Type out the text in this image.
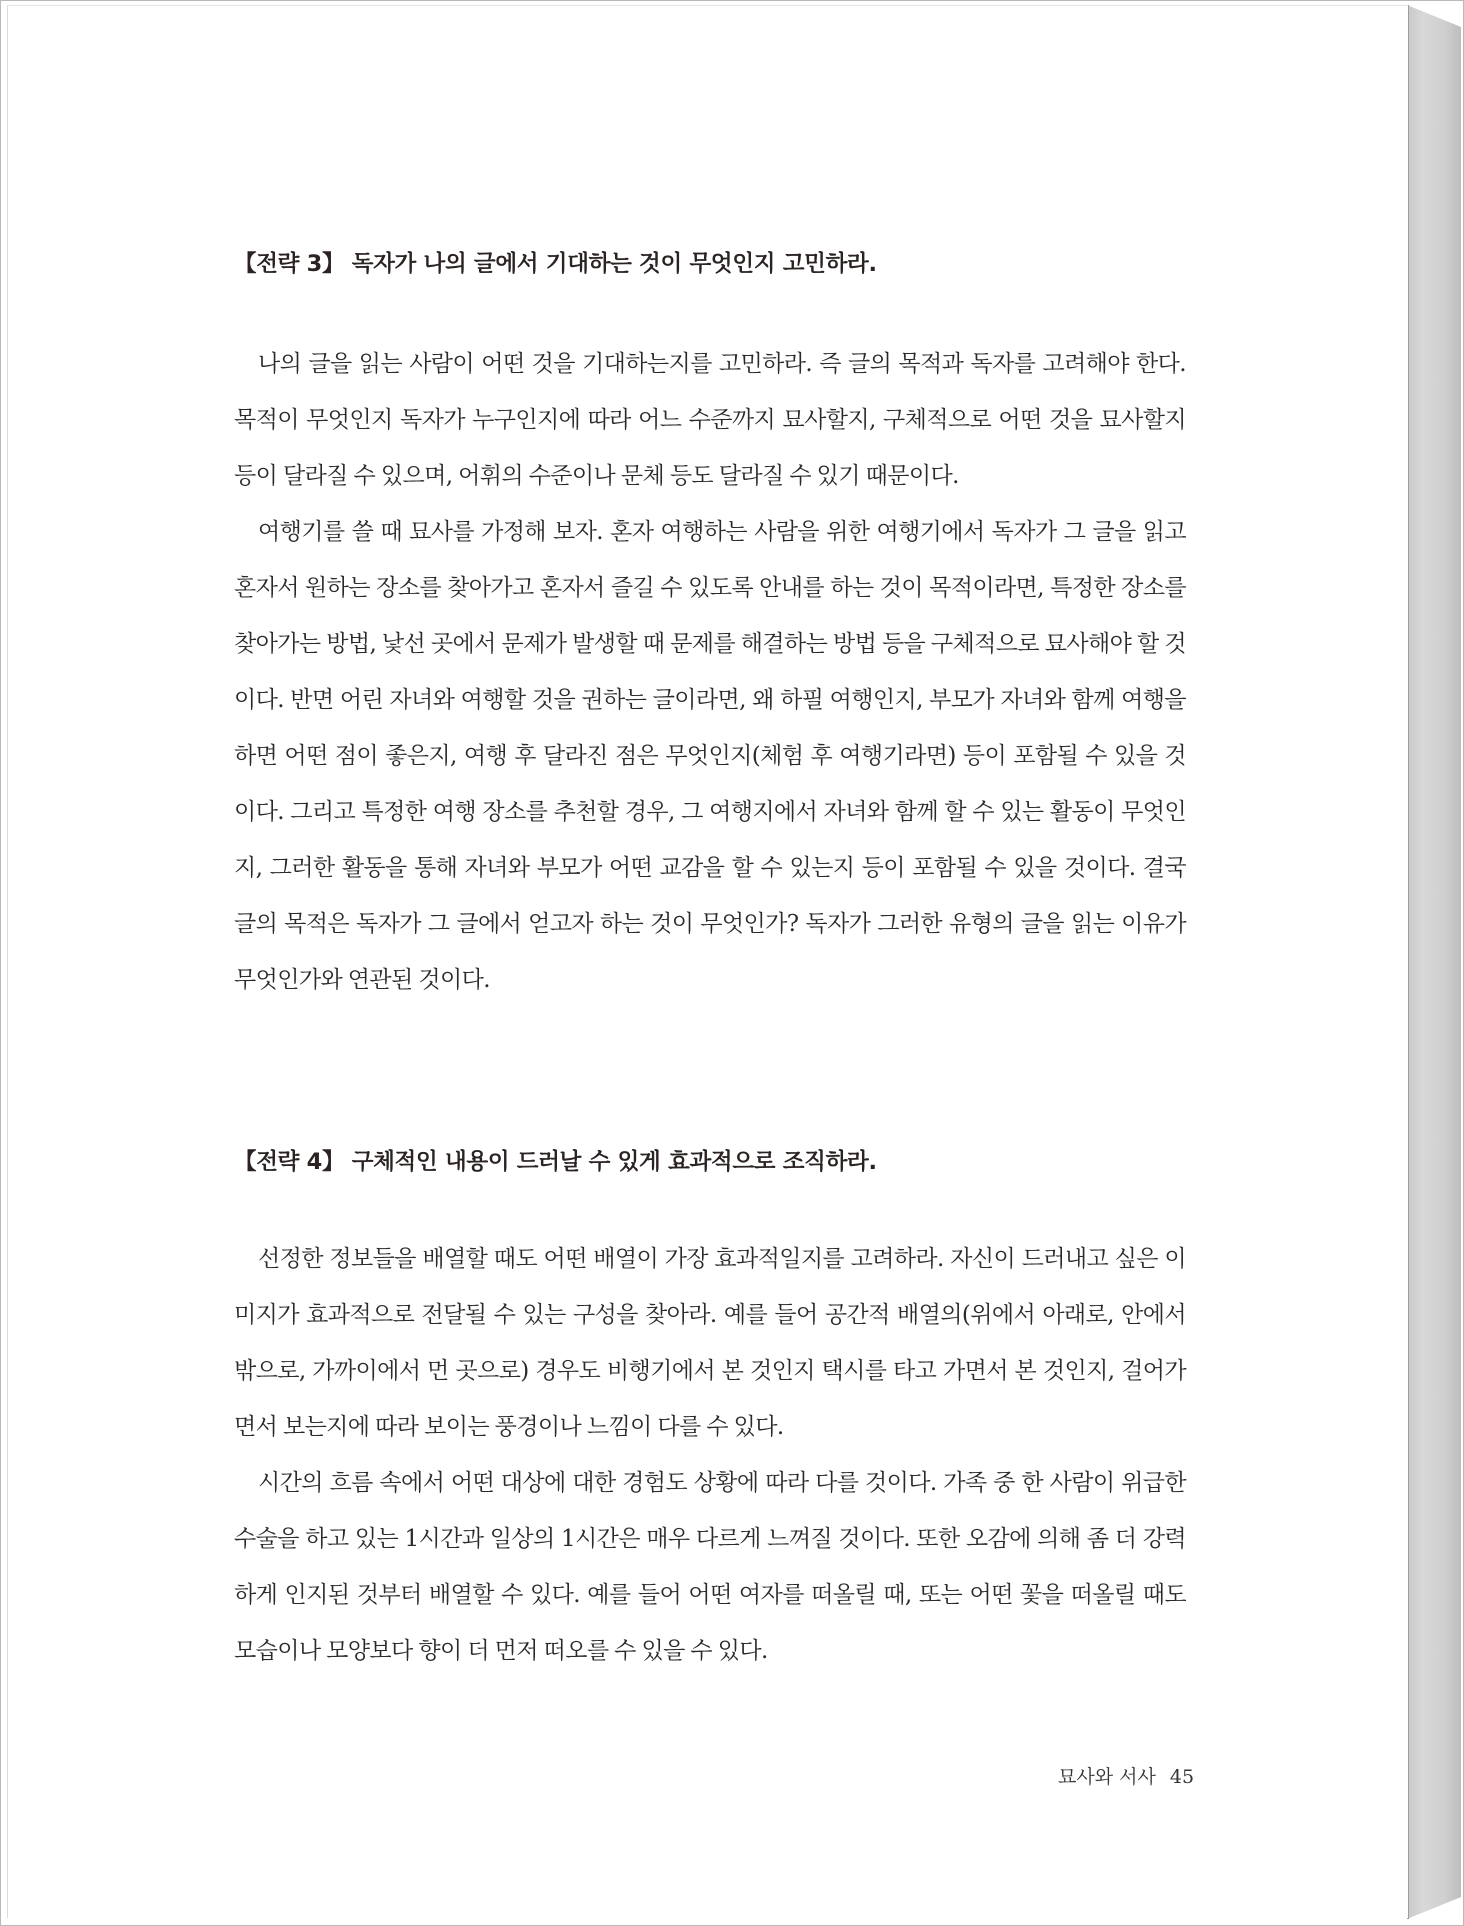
【전략 3】 독자가 나의 글에서 기대하는 것이 무엇인지 고민하라.
나의 글을 읽는 사람이 어떤 것을 기대하는지를 고민하라. 즉 글의 목적과 독자를 고려해야 한다. 목적이 무엇인지 독자가 누구인지에 따라 어느 수준까지 묘사할지, 구체적으로 어떤 것을 묘사할지 등이 달라질 수 있으며, 어휘의 수준이나 문체 등도 달라질 수 있기 때문이다.
여행기를 쓸 때 묘사를 가정해 보자. 혼자 여행하는 사람을 위한 여행기에서 독자가 그 글을 읽고 혼자서 원하는 장소를 찾아가고 혼자서 즐길 수 있도록 안내를 하는 것이 목적이라면, 특정한 장소를 찾아가는 방법, 낯선 곳에서 문제가 발생할 때 문제를 해결하는 방법 등을 구체적으로 묘사해야 할 것이다. 반면 어린 자녀와 여행할 것을 권하는 글이라면, 왜 하필 여행인지, 부모가 자녀와 함께 여행을 하면 어떤 점이 좋은지, 여행 후 달라진 점은 무엇인지(체험 후 여행기라면) 등이 포함될 수 있을 것이다. 그리고 특정한 여행 장소를 추천할 경우, 그 여행지에서 자녀와 함께 할 수 있는 활동이 무엇인지, 그러한 활동을 통해 자녀와 부모가 어떤 교감을 할 수 있는지 등이 포함될 수 있을 것이다. 결국 글의 목적은 독자가 그 글에서 얻고자 하는 것이 무엇인가? 독자가 그러한 유형의 글을 읽는 이유가 무엇인가와 연관된 것이다.
【전략 4】 구체적인 내용이 드러날 수 있게 효과적으로 조직하라.
선정한 정보들을 배열할 때도 어떤 배열이 가장 효과적일지를 고려하라. 자신이 드러내고 싶은 이미지가 효과적으로 전달될 수 있는 구성을 찾아라. 예를 들어 공간적 배열의(위에서 아래로, 안에서 밖으로, 가까이에서 먼 곳으로) 경우도 비행기에서 본 것인지 택시를 타고 가면서 본 것인지, 걸어가면서 보는지에 따라 보이는 풍경이나 느낌이 다를 수 있다.
시간의 흐름 속에서 어떤 대상에 대한 경험도 상황에 따라 다를 것이다. 가족 중 한 사람이 위급한 수술을 하고 있는 1시간과 일상의 1시간은 매우 다르게 느껴질 것이다. 또한 오감에 의해 좀 더 강력하게 인지된 것부터 배열할 수 있다. 예를 들어 어떤 여자를 떠올릴 때, 또는 어떤 꽃을 떠올릴 때도 모습이나 모양보다 향이 더 먼저 떠오를 수 있을 수 있다.
묘사와 서사 45
